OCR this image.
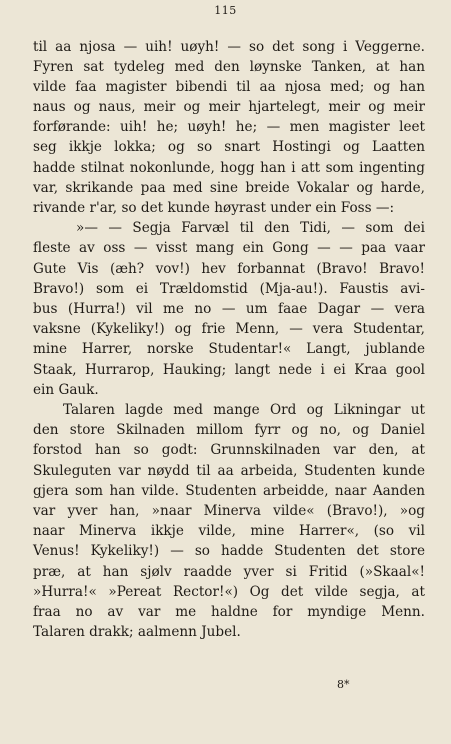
115
til aa njosa — uih! uøyh! — so det song i Veggerne.
Fyren sat tydeleg med den løynske Tanken, at han
vilde faa magister bibendi til aa njosa med; og han
naus og naus, meir og meir hjartelegt, meir og meir
forførande: uih! he; uøyh! he; — men magister leet
seg ikkje lokka; og so snart Hostingi og Laatten
hadde stilnat nokonlunde, hogg han i att som ingenting
var, skrikande paa med sine breide Vokalar og harde,
rivande r'ar, so det kunde høyrast under ein Foss —:
»— — Segja Farvæl til den Tidi, — som dei
fleste av oss — visst mang ein Gong — — paa vaar
Gute Vis (æh? vov!) hev forbannat (Bravo! Bravo!
Bravo!) som ei Trældomstid (Mja-au!). Faustis avi-
bus (Hurra!) vil me no — um faae Dagar — vera
vaksne (Kykeliky!) og frie Menn, — vera Studentar,
mine Harrer, norske Studentar!« Langt, jublande
Staak, Hurrarop, Hauking; langt nede i ei Kraa gool
ein Gauk.
Talaren lagde med mange Ord og Likningar ut
den store Skilnaden millom fyrr og no, og Daniel
forstod han so godt: Grunnskilnaden var den, at
Skuleguten var nøydd til aa arbeida, Studenten kunde
gjera som han vilde. Studenten arbeidde, naar Aanden
var yver han, »naar Minerva vilde« (Bravo!), »og
naar Minerva ikkje vilde, mine Harrer«, (so vil
Venus! Kykeliky!) — so hadde Studenten det store
præ, at han sjølv raadde yver si Fritid (»Skaal«!
»Hurra!« »Pereat Rector!«) Og det vilde segja, at
fraa no av var me haldne for myndige Menn.
Talaren drakk; aalmenn Jubel.
8*
